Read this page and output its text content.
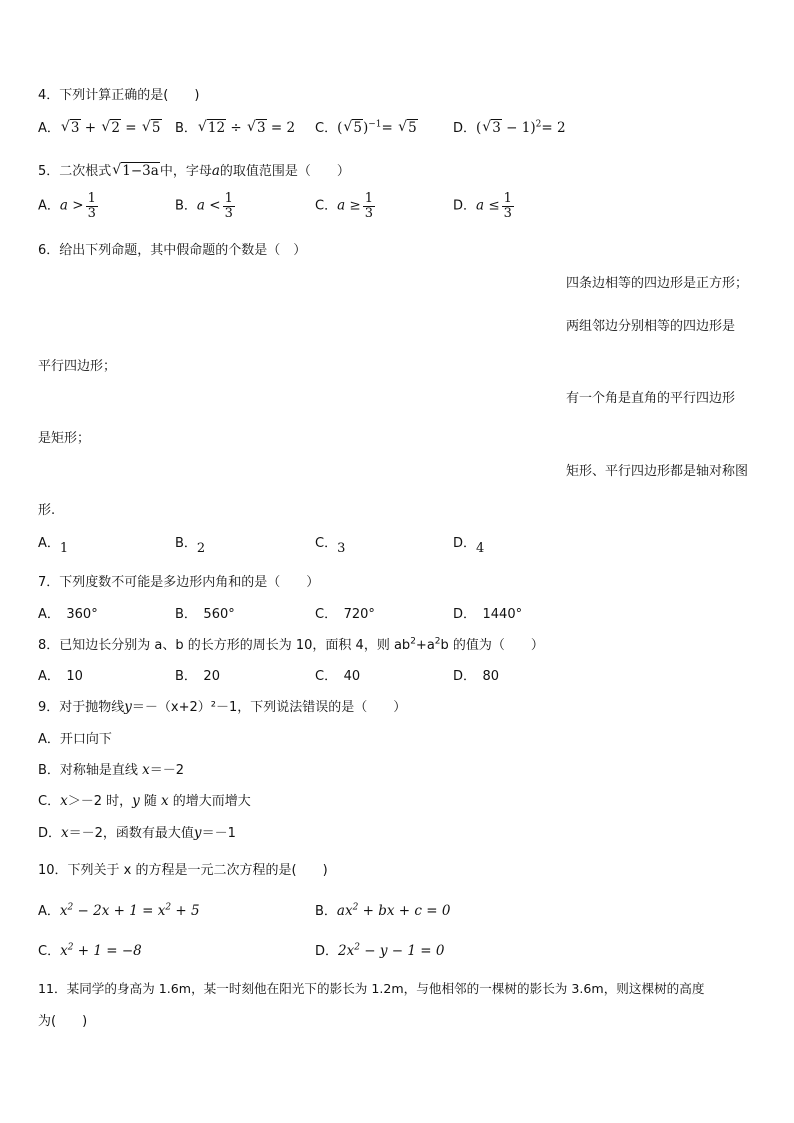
4．下列计算正确的是(　　)
A． √ 3 + √ 2 = √ 5 B． √ 12 ÷ √ 3 = 2 C．( √ 5)$^{-1}$= √ 5	D．( √ 3 − 1)$^2$= 2
5．二次根式 √ 1−3a中，字母a的取值范围是（　　）
A．$a > \frac{1}{3}$	B．$a < \frac{1}{3}$	C．$a \ge \frac{1}{3}$	D．$a \le \frac{1}{3}$
6．给出下列命题，其中假命题的个数是（　）
四条边相等的四边形是正方形；
两组邻边分别相等的四边形是
平行四边形；
有一个角是直角的平行四边形
是矩形；
矩形、平行四边形都是轴对称图
形.
A．1	B．2	C．3	D．4
7．下列度数不可能是多边形内角和的是（　　）
A．　360°	B．　560°	C．　720°	D．　1440°
8．已知边长分别为 a、b 的长方形的周长为 10，面积 4，则 $ab^2+a^2b$ 的值为（　　）
A．　10	B．　20	C．　40	D．　80
9．对于抛物线y＝－（x+2）²－1，下列说法错误的是（　　）
A．开口向下
B．对称轴是直线 x＝－2
C．x＞－2 时，y 随 x 的增大而增大
D．x＝－2，函数有最大值y＝－1
10．下列关于 x 的方程是一元二次方程的是(　　)
A．$x^2 - 2x + 1 = x^2 + 5$	B．$ax^2$ + bx + c = 0
C．$x^2 + 1 = -8$	D．$2x^2 - y - 1 = 0$
11．某同学的身高为 1.6m，某一时刻他在阳光下的影长为 1.2m，与他相邻的一棵树的影长为 3.6m，则这棵树的高度
为(　　)
